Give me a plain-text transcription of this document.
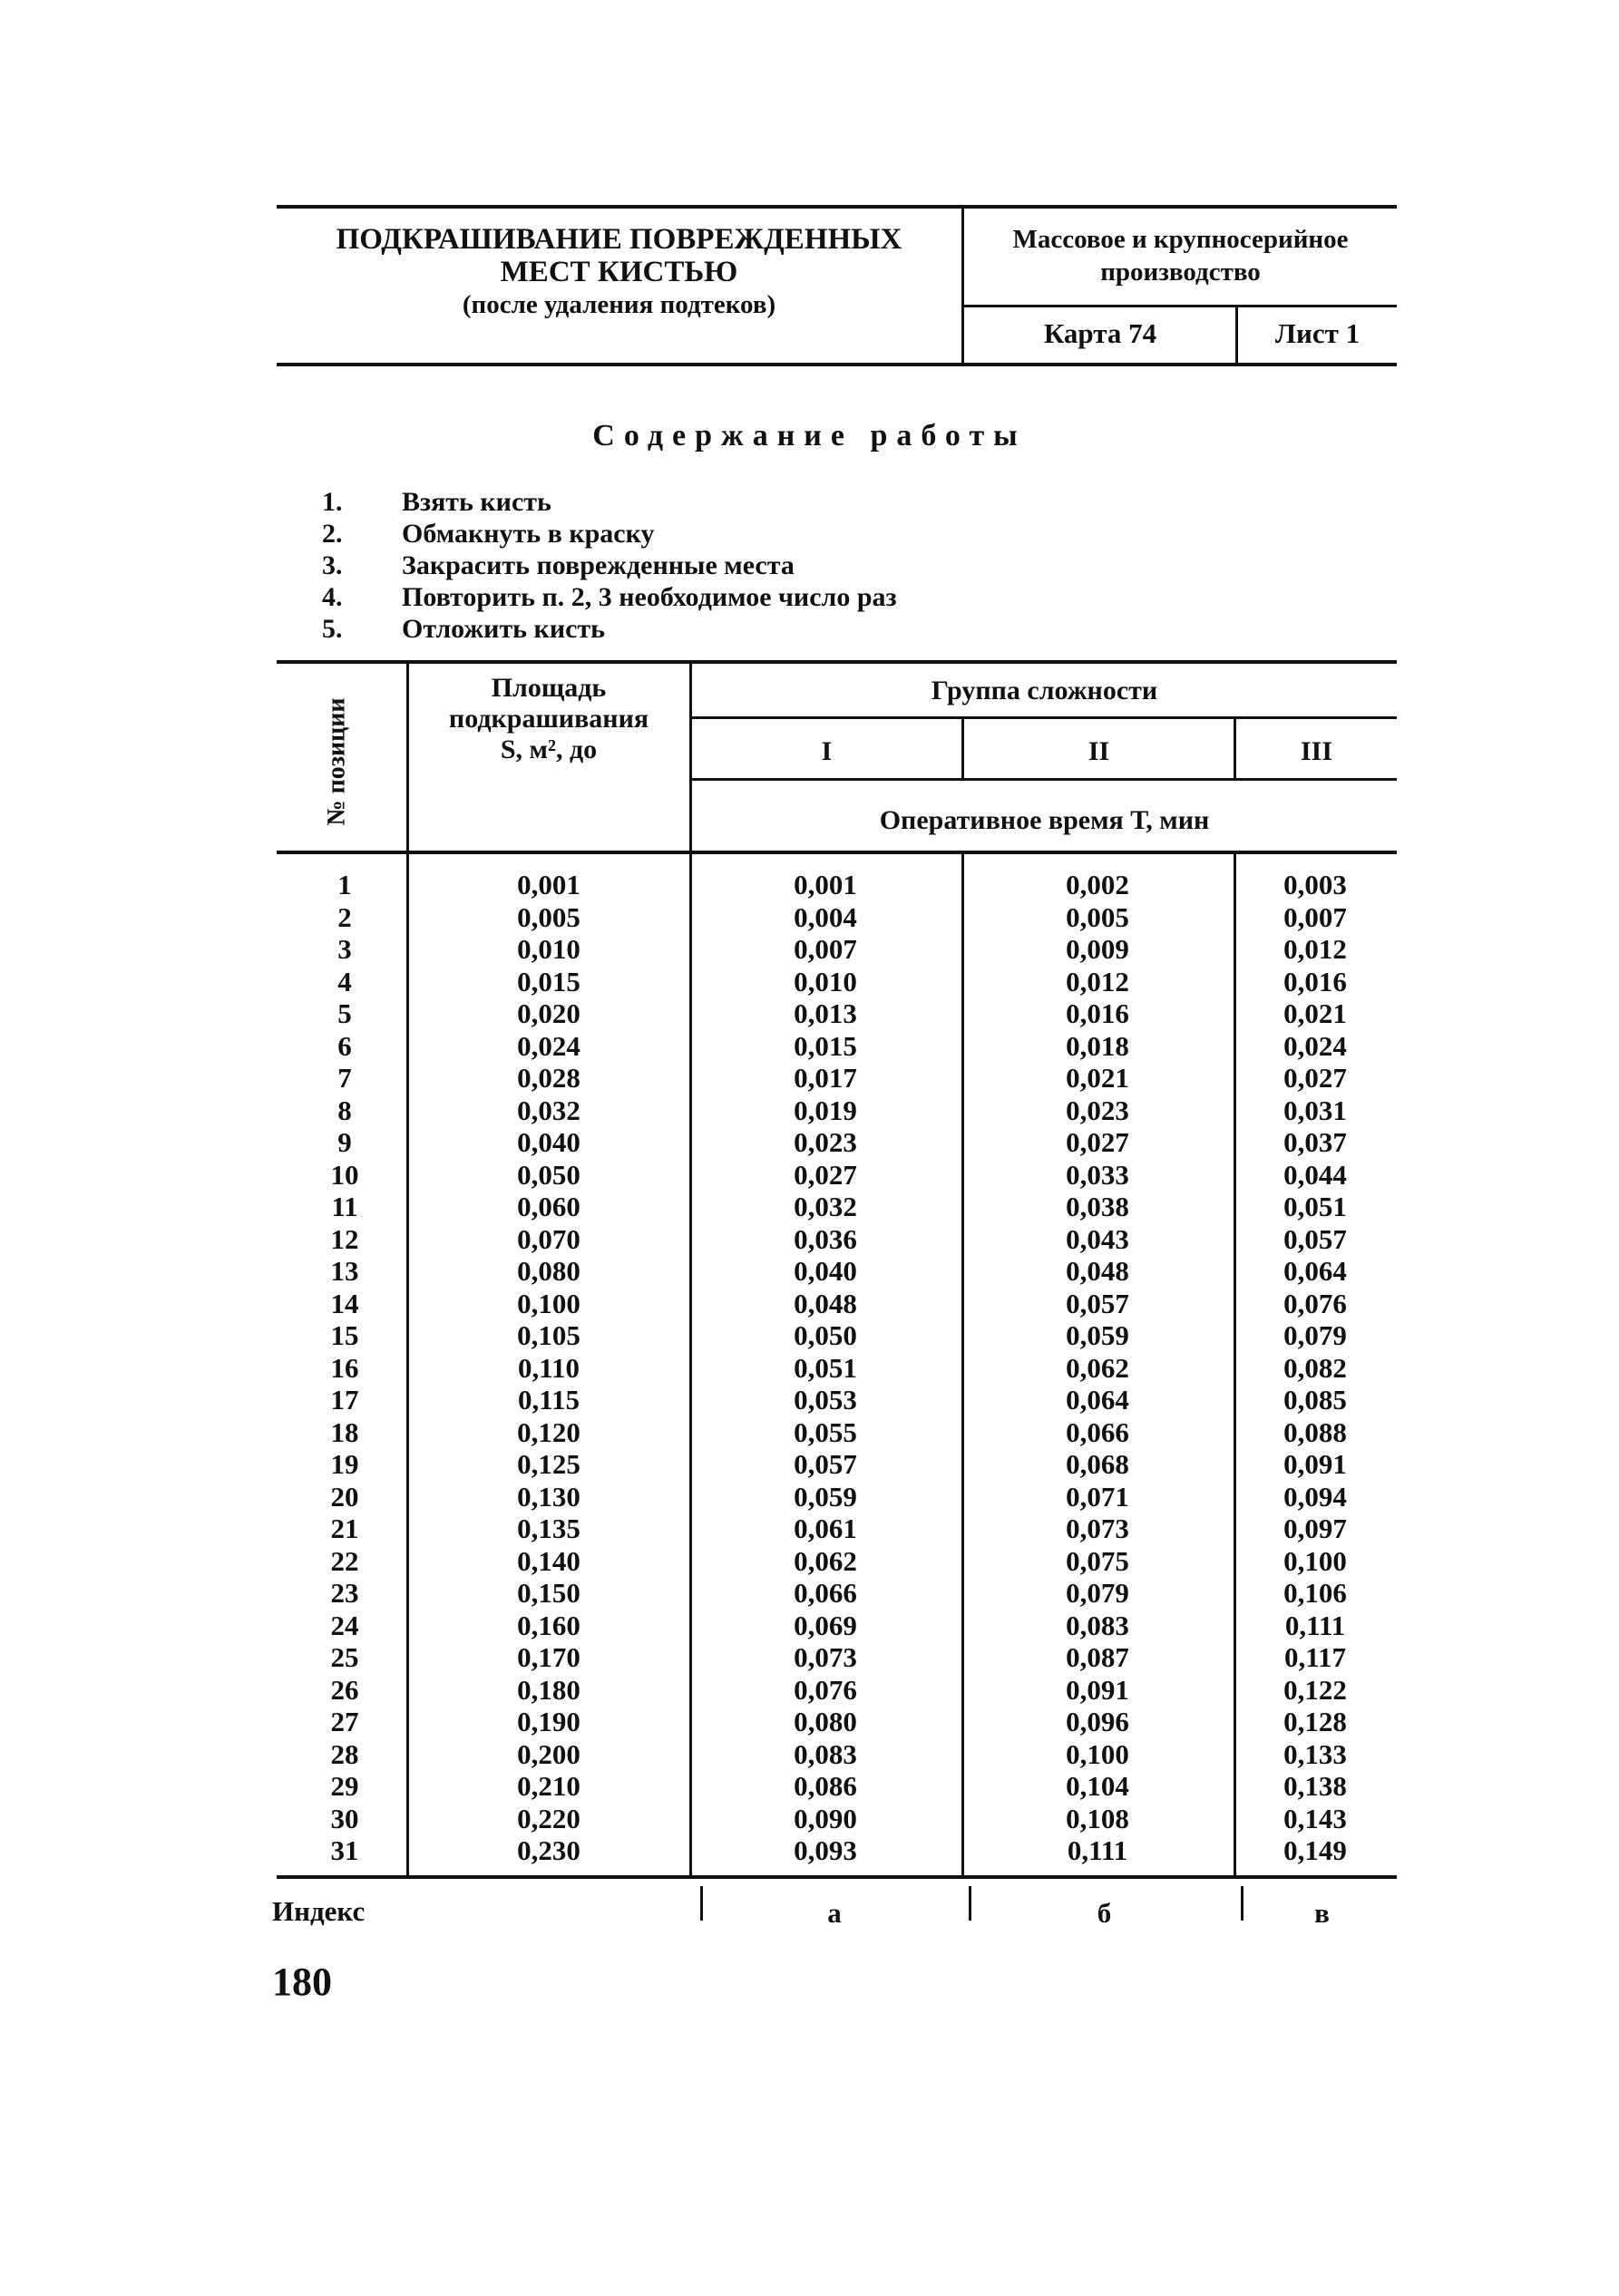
ПОДКРАШИВАНИЕ ПОВРЕЖДЕННЫХ
МЕСТ КИСТЬЮ
(после удаления подтеков)
Массовое и крупносерийное
производство
Карта 74	Лист 1
Содержание работы
1.	Взять кисть
2.	Обмакнуть в краску
3.	Закрасить поврежденные места
4.	Повторить п. 2, 3 необходимое число раз
5.	Отложить кисть
№ позиции
Площадь
подкрашивания
S, м², до
Группа сложности
I	II	III
Оперативное время Т, мин
1	0,001	0,001	0,002	0,003
2	0,005	0,004	0,005	0,007
3	0,010	0,007	0,009	0,012
4	0,015	0,010	0,012	0,016
5	0,020	0,013	0,016	0,021
6	0,024	0,015	0,018	0,024
7	0,028	0,017	0,021	0,027
8	0,032	0,019	0,023	0,031
9	0,040	0,023	0,027	0,037
10	0,050	0,027	0,033	0,044
11	0,060	0,032	0,038	0,051
12	0,070	0,036	0,043	0,057
13	0,080	0,040	0,048	0,064
14	0,100	0,048	0,057	0,076
15	0,105	0,050	0,059	0,079
16	0,110	0,051	0,062	0,082
17	0,115	0,053	0,064	0,085
18	0,120	0,055	0,066	0,088
19	0,125	0,057	0,068	0,091
20	0,130	0,059	0,071	0,094
21	0,135	0,061	0,073	0,097
22	0,140	0,062	0,075	0,100
23	0,150	0,066	0,079	0,106
24	0,160	0,069	0,083	0,111
25	0,170	0,073	0,087	0,117
26	0,180	0,076	0,091	0,122
27	0,190	0,080	0,096	0,128
28	0,200	0,083	0,100	0,133
29	0,210	0,086	0,104	0,138
30	0,220	0,090	0,108	0,143
31	0,230	0,093	0,111	0,149
Индекс	а	б	в
180
